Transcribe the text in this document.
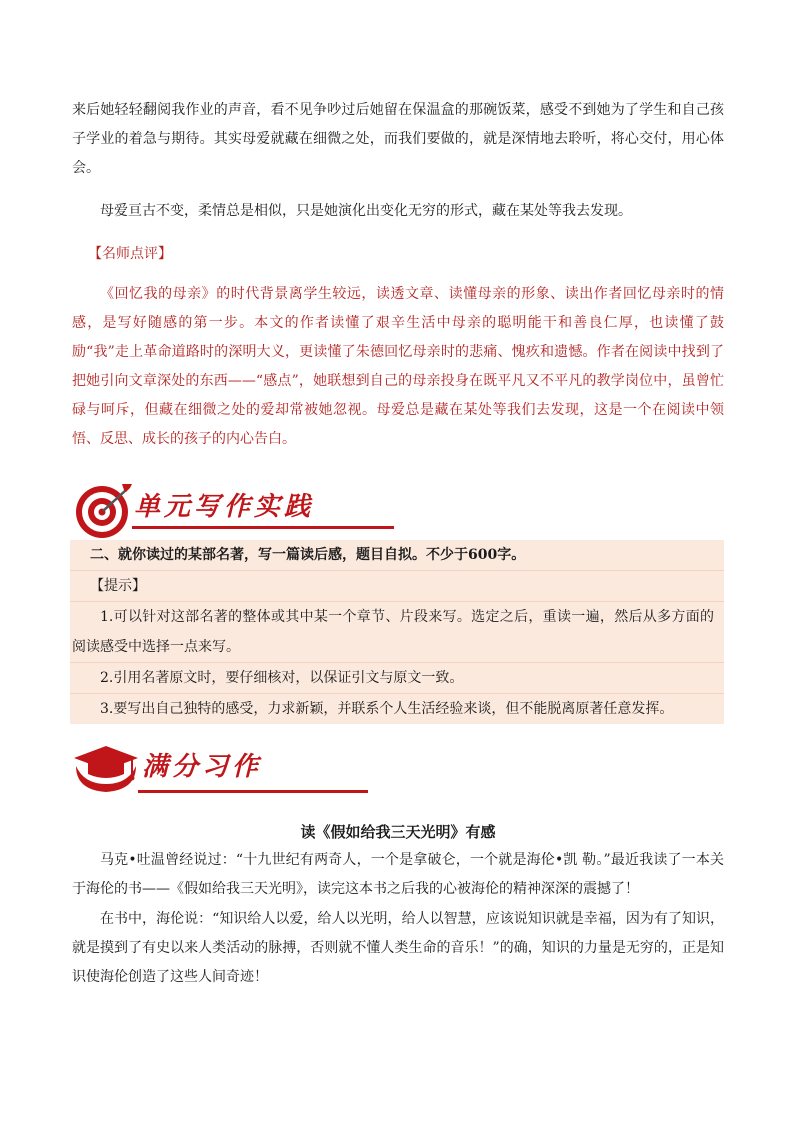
来后她轻轻翻阅我作业的声音，看不见争吵过后她留在保温盒的那碗饭菜，感受不到她为了学生和自己孩子学业的着急与期待。其实母爱就藏在细微之处，而我们要做的，就是深情地去聆听，将心交付，用心体会。

母爱亘古不变，柔情总是相似，只是她演化出变化无穷的形式，藏在某处等我去发现。

【名师点评】

《回忆我的母亲》的时代背景离学生较远，读透文章、读懂母亲的形象、读出作者回忆母亲时的情感，是写好随感的第一步。本文的作者读懂了艰辛生活中母亲的聪明能干和善良仁厚，也读懂了鼓励“我”走上革命道路时的深明大义，更读懂了朱德回忆母亲时的悲痛、愧疚和遗憾。作者在阅读中找到了把她引向文章深处的东西——“感点”，她联想到自己的母亲投身在既平凡又不平凡的教学岗位中，虽曾忙碌与呵斥，但藏在细微之处的爱却常被她忽视。母爱总是藏在某处等我们去发现，这是一个在阅读中领悟、反思、成长的孩子的内心告白。

单元写作实践

二、就你读过的某部名著，写一篇读后感，题目自拟。不少于600字。

【提示】

1.可以针对这部名著的整体或其中某一个章节、片段来写。选定之后，重读一遍，然后从多方面的阅读感受中选择一点来写。

2.引用名著原文时，要仔细核对，以保证引文与原文一致。

3.要写出自己独特的感受，力求新颖，并联系个人生活经验来谈，但不能脱离原著任意发挥。

满分习作
读《假如给我三天光明》有感

马克•吐温曾经说过：“十九世纪有两奇人，一个是拿破仑，一个就是海伦•凯 勒。”最近我读了一本关于海伦的书——《假如给我三天光明》，读完这本书之后我的心被海伦的精神深深的震撼了！

在书中，海伦说：“知识给人以爱，给人以光明，给人以智慧，应该说知识就是幸福，因为有了知识，就是摸到了有史以来人类活动的脉搏，否则就不懂人类生命的音乐！”的确，知识的力量是无穷的，正是知识使海伦创造了这些人间奇迹！
